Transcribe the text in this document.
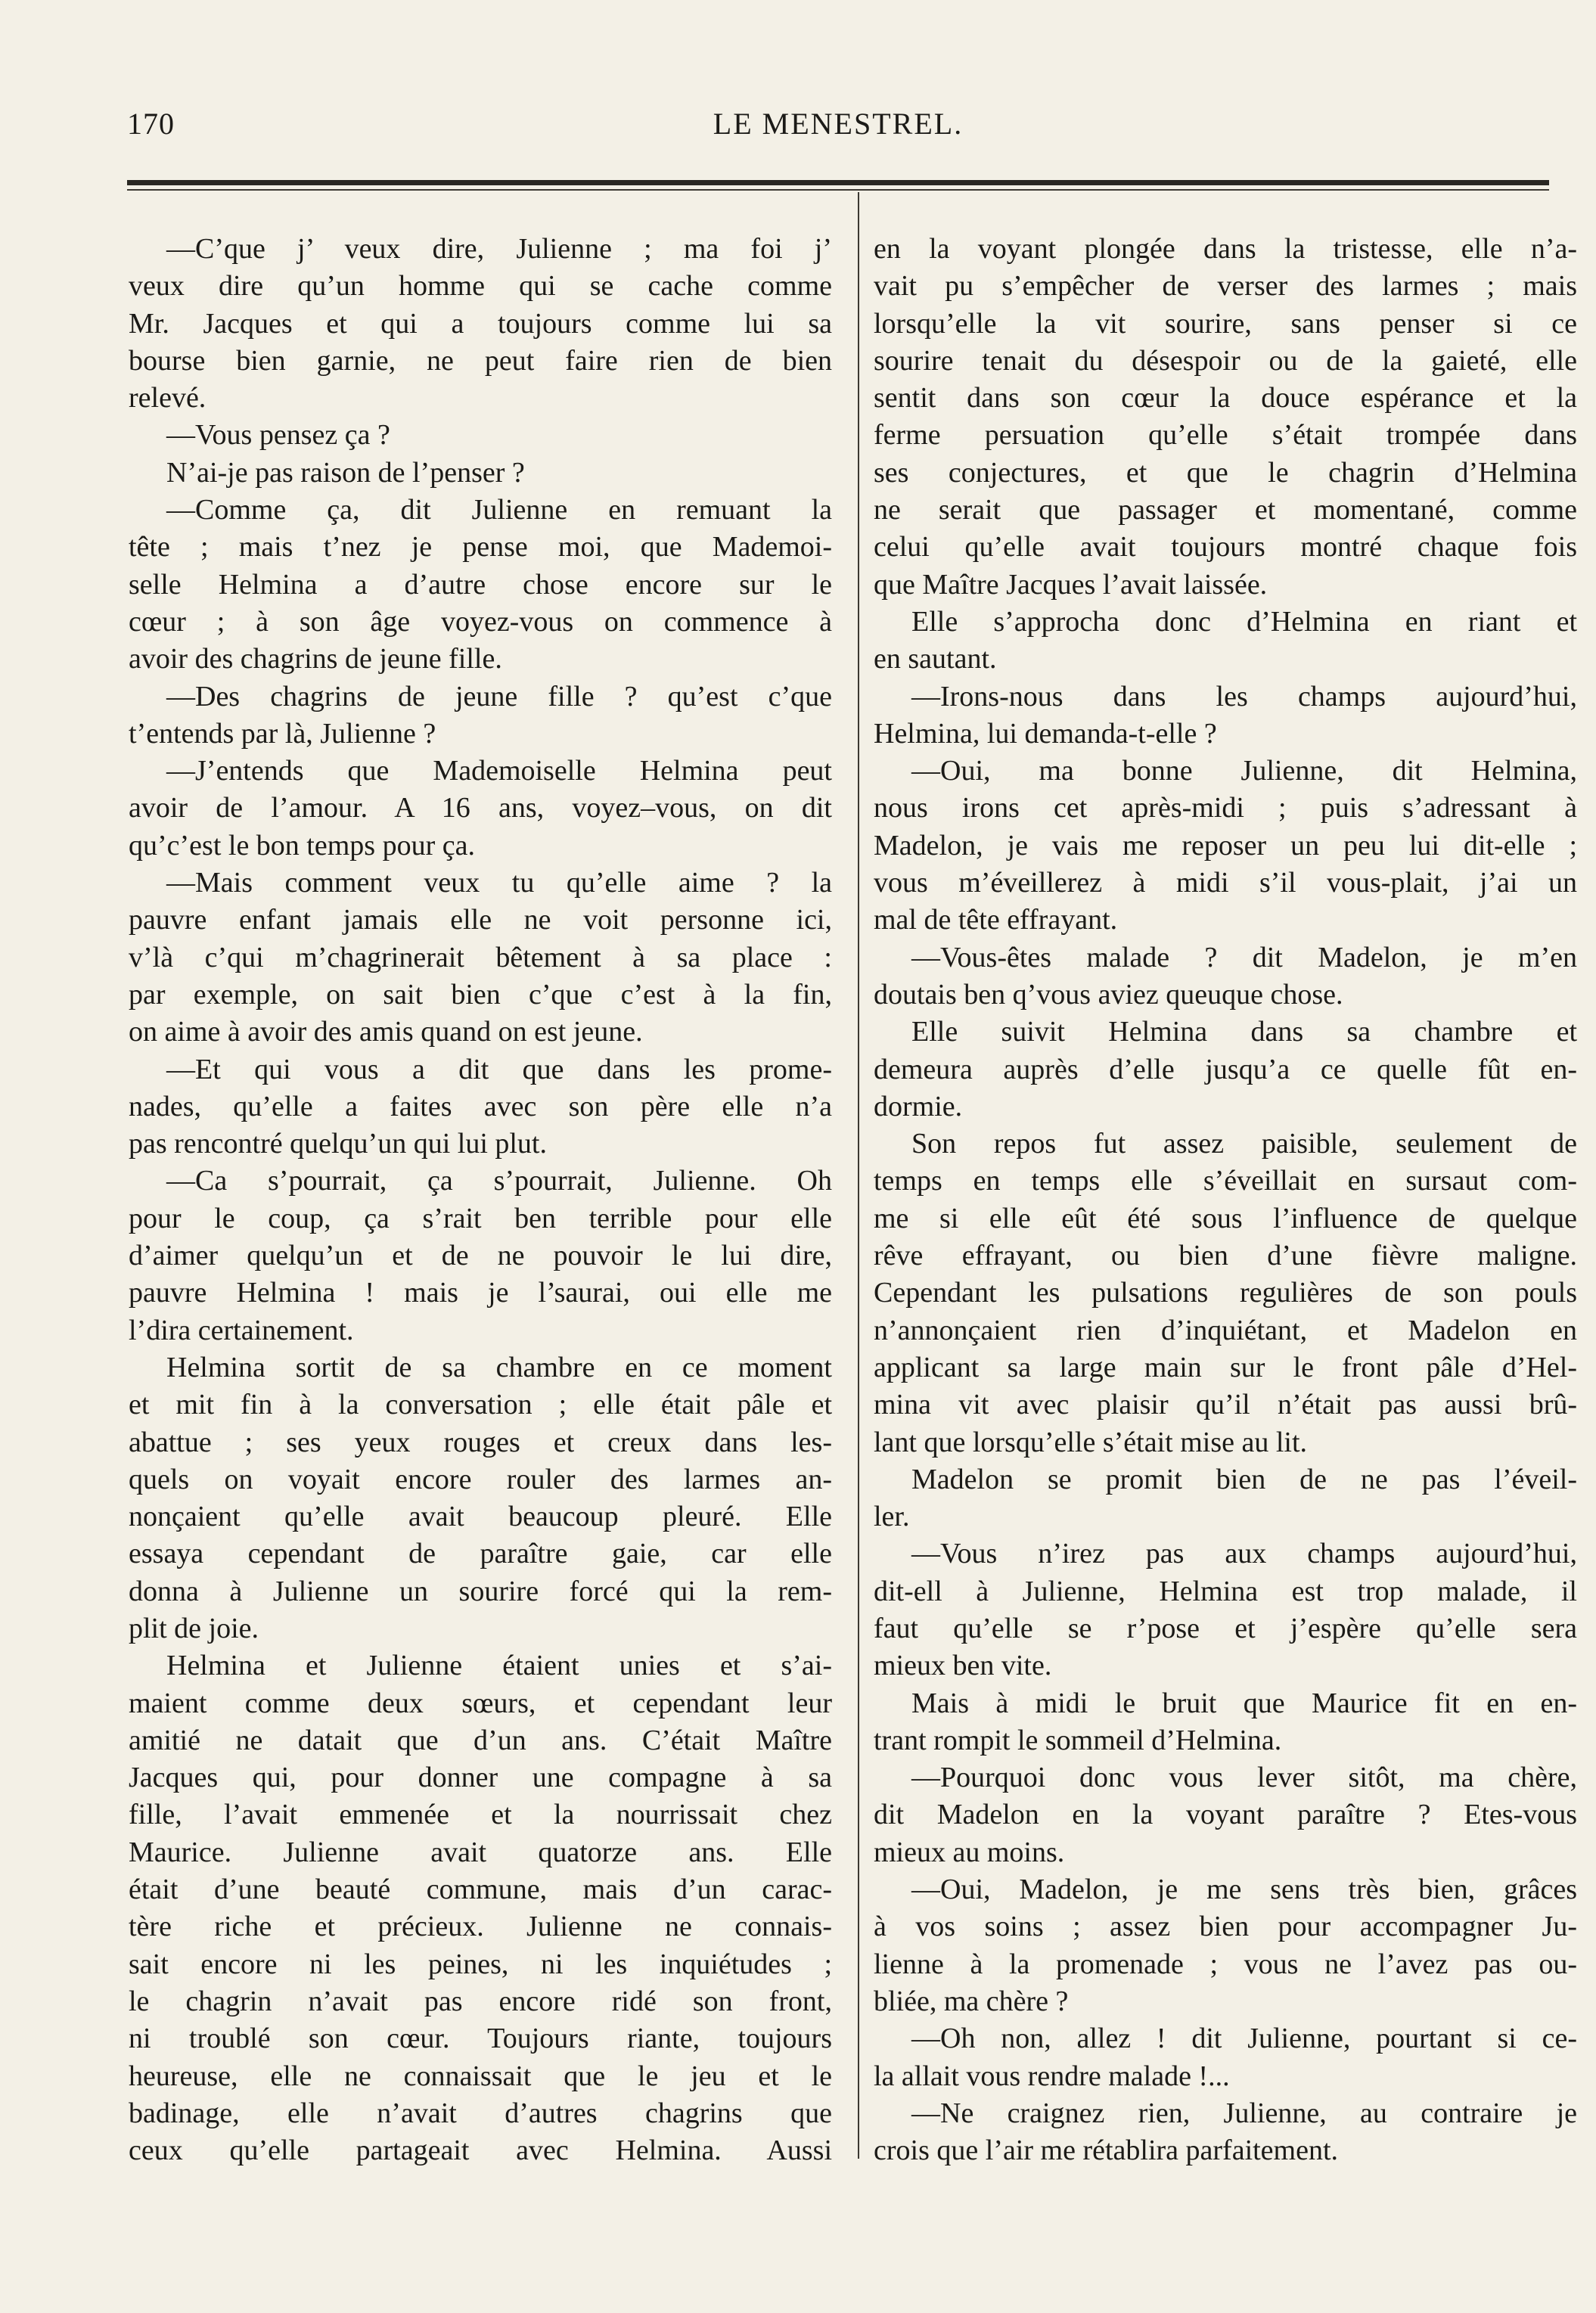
170	LE MENESTREL.
—C’que j’ veux dire, Julienne ; ma foi j’
veux dire qu’un homme qui se cache comme
Mr. Jacques et qui a toujours comme lui sa
bourse bien garnie, ne peut faire rien de bien
relevé.
—Vous pensez ça ?
N’ai-je pas raison de l’penser ?
—Comme ça, dit Julienne en remuant la
tête ; mais t’nez je pense moi, que Mademoi-
selle Helmina a d’autre chose encore sur le
cœur ; à son âge voyez-vous on commence à
avoir des chagrins de jeune fille.
—Des chagrins de jeune fille ? qu’est c’que
t’entends par là, Julienne ?
—J’entends que Mademoiselle Helmina peut
avoir de l’amour. A 16 ans, voyez–vous, on dit
qu’c’est le bon temps pour ça.
—Mais comment veux tu qu’elle aime ? la
pauvre enfant jamais elle ne voit personne ici,
v’là c’qui m’chagrinerait bêtement à sa place :
par exemple, on sait bien c’que c’est à la fin,
on aime à avoir des amis quand on est jeune.
—Et qui vous a dit que dans les prome-
nades, qu’elle a faites avec son père elle n’a
pas rencontré quelqu’un qui lui plut.
—Ca s’pourrait, ça s’pourrait, Julienne. Oh
pour le coup, ça s’rait ben terrible pour elle
d’aimer quelqu’un et de ne pouvoir le lui dire,
pauvre Helmina ! mais je l’saurai, oui elle me
l’dira certainement.
Helmina sortit de sa chambre en ce moment
et mit fin à la conversation ; elle était pâle et
abattue ; ses yeux rouges et creux dans les-
quels on voyait encore rouler des larmes an-
nonçaient qu’elle avait beaucoup pleuré. Elle
essaya cependant de paraître gaie, car elle
donna à Julienne un sourire forcé qui la rem-
plit de joie.
Helmina et Julienne étaient unies et s’ai-
maient comme deux sœurs, et cependant leur
amitié ne datait que d’un ans. C’était Maître
Jacques qui, pour donner une compagne à sa
fille, l’avait emmenée et la nourrissait chez
Maurice. Julienne avait quatorze ans. Elle
était d’une beauté commune, mais d’un carac-
tère riche et précieux. Julienne ne connais-
sait encore ni les peines, ni les inquiétudes ;
le chagrin n’avait pas encore ridé son front,
ni troublé son cœur. Toujours riante, toujours
heureuse, elle ne connaissait que le jeu et le
badinage, elle n’avait d’autres chagrins que
ceux qu’elle partageait avec Helmina. Aussi
en la voyant plongée dans la tristesse, elle n’a-
vait pu s’empêcher de verser des larmes ; mais
lorsqu’elle la vit sourire, sans penser si ce
sourire tenait du désespoir ou de la gaieté, elle
sentit dans son cœur la douce espérance et la
ferme persuation qu’elle s’était trompée dans
ses conjectures, et que le chagrin d’Helmina
ne serait que passager et momentané, comme
celui qu’elle avait toujours montré chaque fois
que Maître Jacques l’avait laissée.
Elle s’approcha donc d’Helmina en riant et
en sautant.
—Irons-nous dans les champs aujourd’hui,
Helmina, lui demanda-t-elle ?
—Oui, ma bonne Julienne, dit Helmina,
nous irons cet après-midi ; puis s’adressant à
Madelon, je vais me reposer un peu lui dit-elle ;
vous m’éveillerez à midi s’il vous-plait, j’ai un
mal de tête effrayant.
—Vous-êtes malade ? dit Madelon, je m’en
doutais ben q’vous aviez queuque chose.
Elle suivit Helmina dans sa chambre et
demeura auprès d’elle jusqu’a ce quelle fût en-
dormie.
Son repos fut assez paisible, seulement de
temps en temps elle s’éveillait en sursaut com-
me si elle eût été sous l’influence de quelque
rêve effrayant, ou bien d’une fièvre maligne.
Cependant les pulsations regulières de son pouls
n’annonçaient rien d’inquiétant, et Madelon en
applicant sa large main sur le front pâle d’Hel-
mina vit avec plaisir qu’il n’était pas aussi brû-
lant que lorsqu’elle s’était mise au lit.
Madelon se promit bien de ne pas l’éveil-
ler.
—Vous n’irez pas aux champs aujourd’hui,
dit-ell à Julienne, Helmina est trop malade, il
faut qu’elle se r’pose et j’espère qu’elle sera
mieux ben vite.
Mais à midi le bruit que Maurice fit en en-
trant rompit le sommeil d’Helmina.
—Pourquoi donc vous lever sitôt, ma chère,
dit Madelon en la voyant paraître ? Etes-vous
mieux au moins.
—Oui, Madelon, je me sens très bien, grâces
à vos soins ; assez bien pour accompagner Ju-
lienne à la promenade ; vous ne l’avez pas ou-
bliée, ma chère ?
—Oh non, allez ! dit Julienne, pourtant si ce-
la allait vous rendre malade !...
—Ne craignez rien, Julienne, au contraire je
crois que l’air me rétablira parfaitement.
